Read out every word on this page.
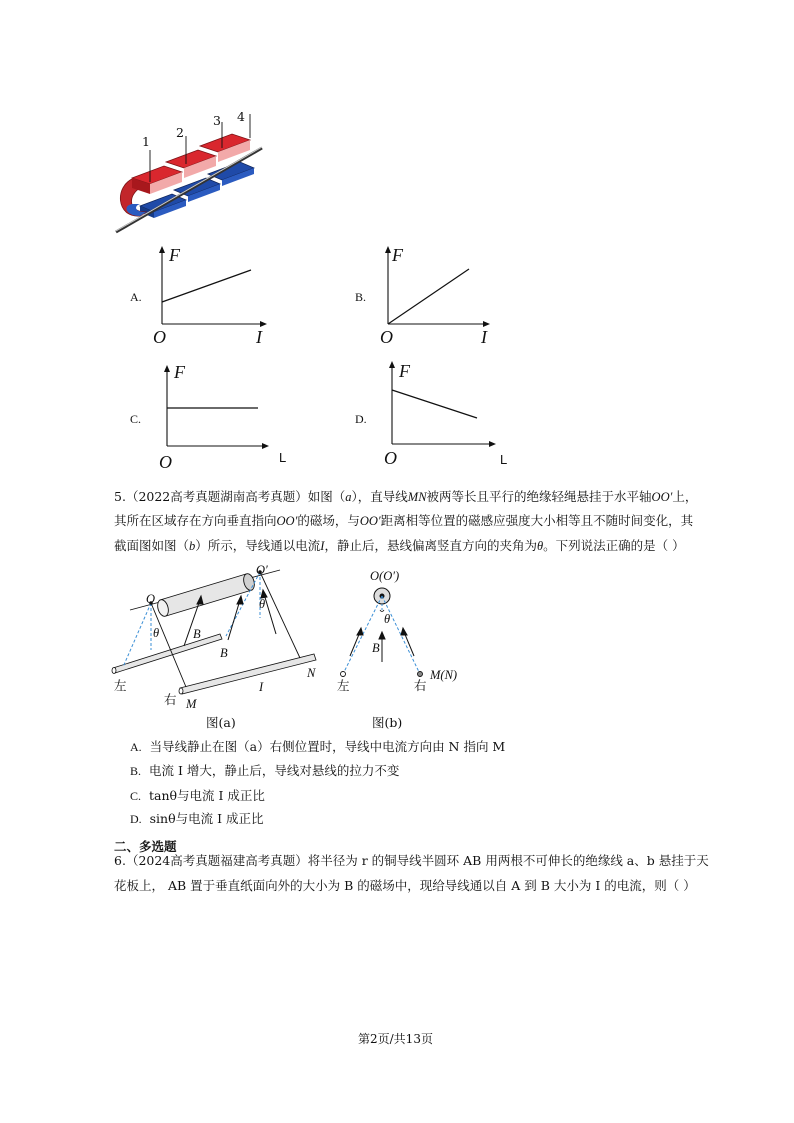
1
2
3 4
A.
F
I
O
B.
F
I
O
C.
F
L
O
D.
F
L
O
5.（2022高考真题湖南高考真题）如图（a），直导线MN被两等长且平行的绝缘轻绳悬挂于水平轴OO′上，
其所在区域存在方向垂直指向OO′的磁场，与OO′距离相等位置的磁感应强度大小相等且不随时间变化，其
截面图如图（b）所示，导线通以电流I，静止后，悬线偏离竖直方向的夹角为θ。下列说法正确的是（ ）
O
O′
θ
θ
B
B
I
N
M
左
右
图(a)
O(O′)
θ
B
左	右
M(N)
图(b)
A. 当导线静止在图（a）右侧位置时，导线中电流方向由 N 指向 M
B. 电流 I 增大，静止后，导线对悬线的拉力不变
C. tanθ与电流 I 成正比
D. sinθ与电流 I 成正比
二、多选题
6.（2024高考真题福建高考真题）将半径为 r 的铜导线半圆环 AB 用两根不可伸长的绝缘线 a、b 悬挂于天
花板上， AB 置于垂直纸面向外的大小为 B 的磁场中，现给导线通以自 A 到 B 大小为 I 的电流，则（ ）
第2页/共13页
